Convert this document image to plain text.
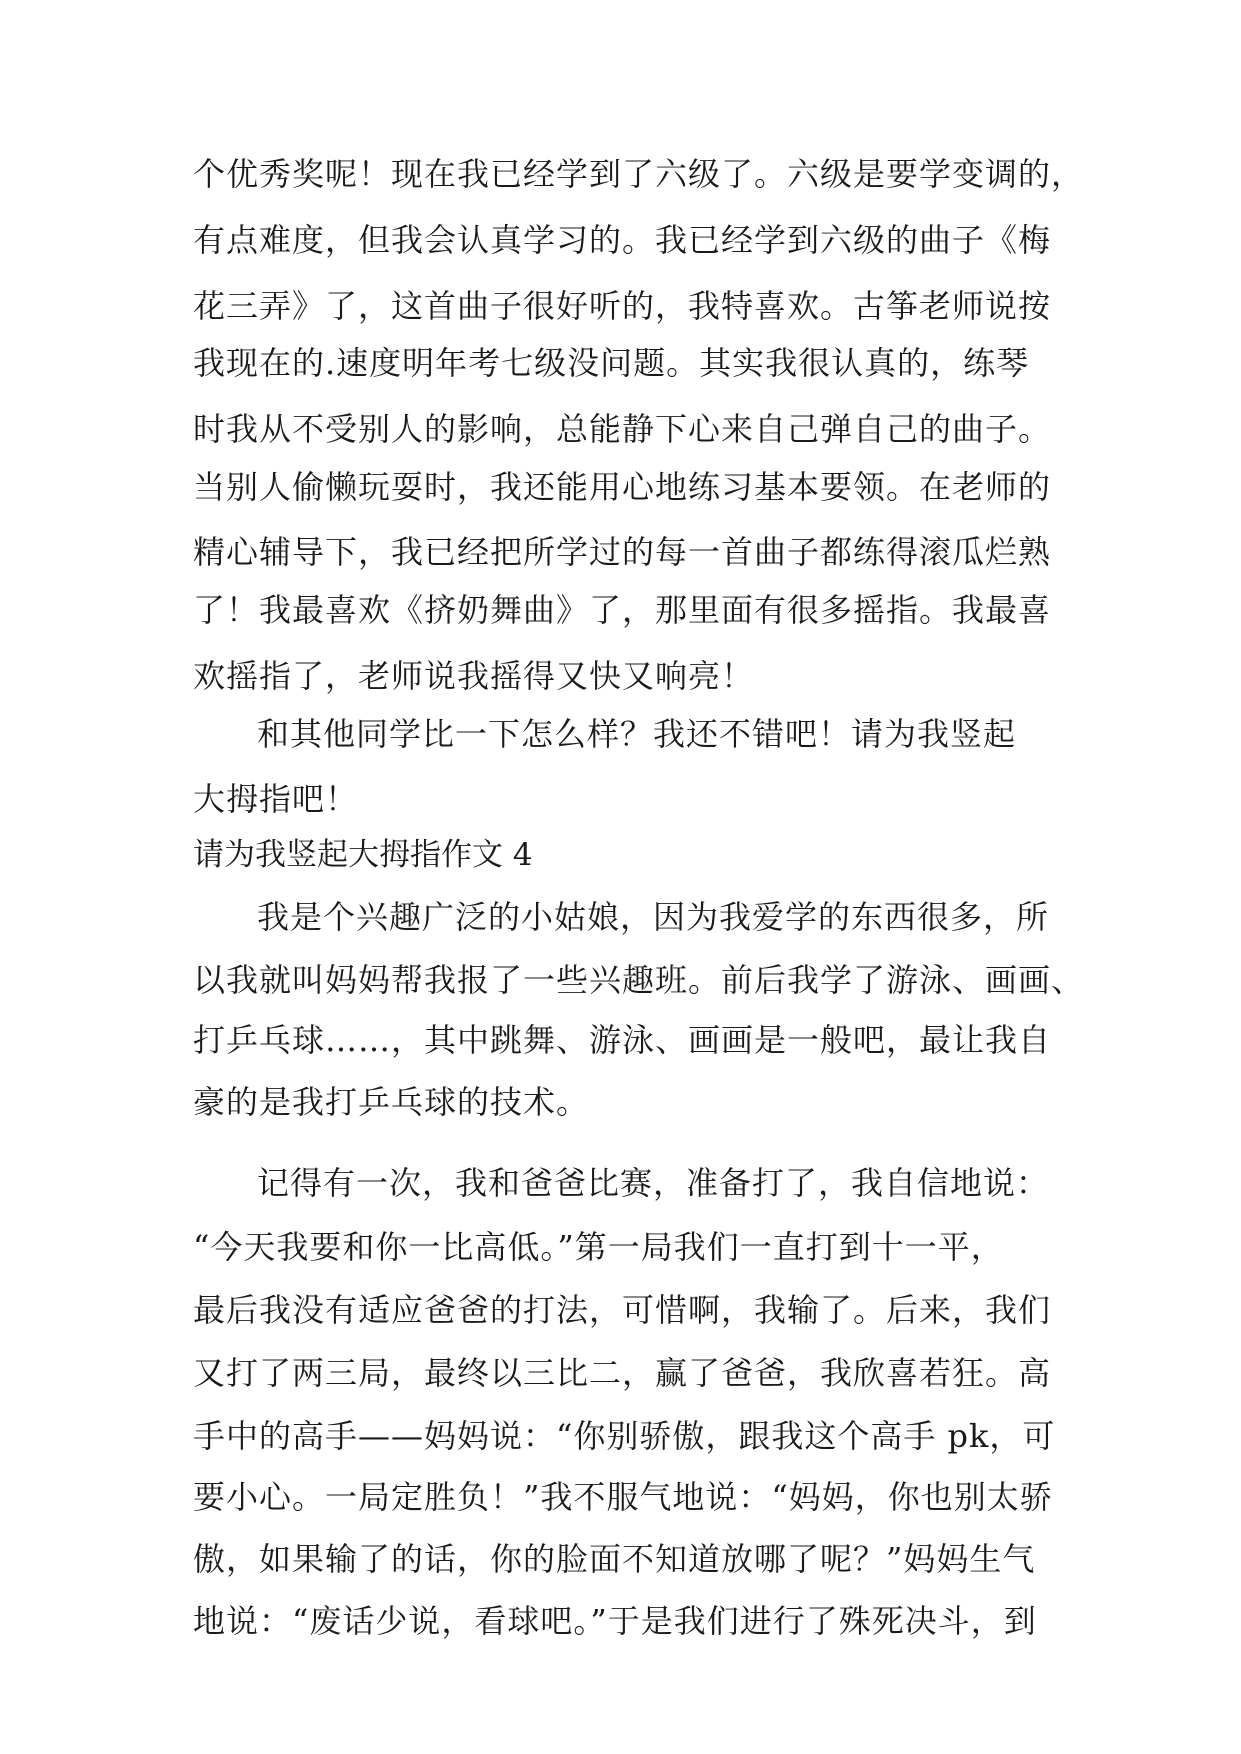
个优秀奖呢！现在我已经学到了六级了。六级是要学变调的，
有点难度，但我会认真学习的。我已经学到六级的曲子《梅
花三弄》了，这首曲子很好听的，我特喜欢。古筝老师说按
我现在的.速度明年考七级没问题。其实我很认真的，练琴
时我从不受别人的影响，总能静下心来自己弹自己的曲子。
当别人偷懒玩耍时，我还能用心地练习基本要领。在老师的
精心辅导下，我已经把所学过的每一首曲子都练得滚瓜烂熟
了！我最喜欢《挤奶舞曲》了，那里面有很多摇指。我最喜
欢摇指了，老师说我摇得又快又响亮！
和其他同学比一下怎么样？我还不错吧！请为我竖起
大拇指吧！
请为我竖起大拇指作文 4
我是个兴趣广泛的小姑娘，因为我爱学的东西很多，所
以我就叫妈妈帮我报了一些兴趣班。前后我学了游泳、画画、
打乒乓球……，其中跳舞、游泳、画画是一般吧，最让我自
豪的是我打乒乓球的技术。
记得有一次，我和爸爸比赛，准备打了，我自信地说：
“今天我要和你一比高低。”第一局我们一直打到十一平，
最后我没有适应爸爸的打法，可惜啊，我输了。后来，我们
又打了两三局，最终以三比二，赢了爸爸，我欣喜若狂。高
手中的高手——妈妈说：“你别骄傲，跟我这个高手 pk，可
要小心。一局定胜负！”我不服气地说：“妈妈，你也别太骄
傲，如果输了的话，你的脸面不知道放哪了呢？”妈妈生气
地说：“废话少说，看球吧。”于是我们进行了殊死决斗，到
